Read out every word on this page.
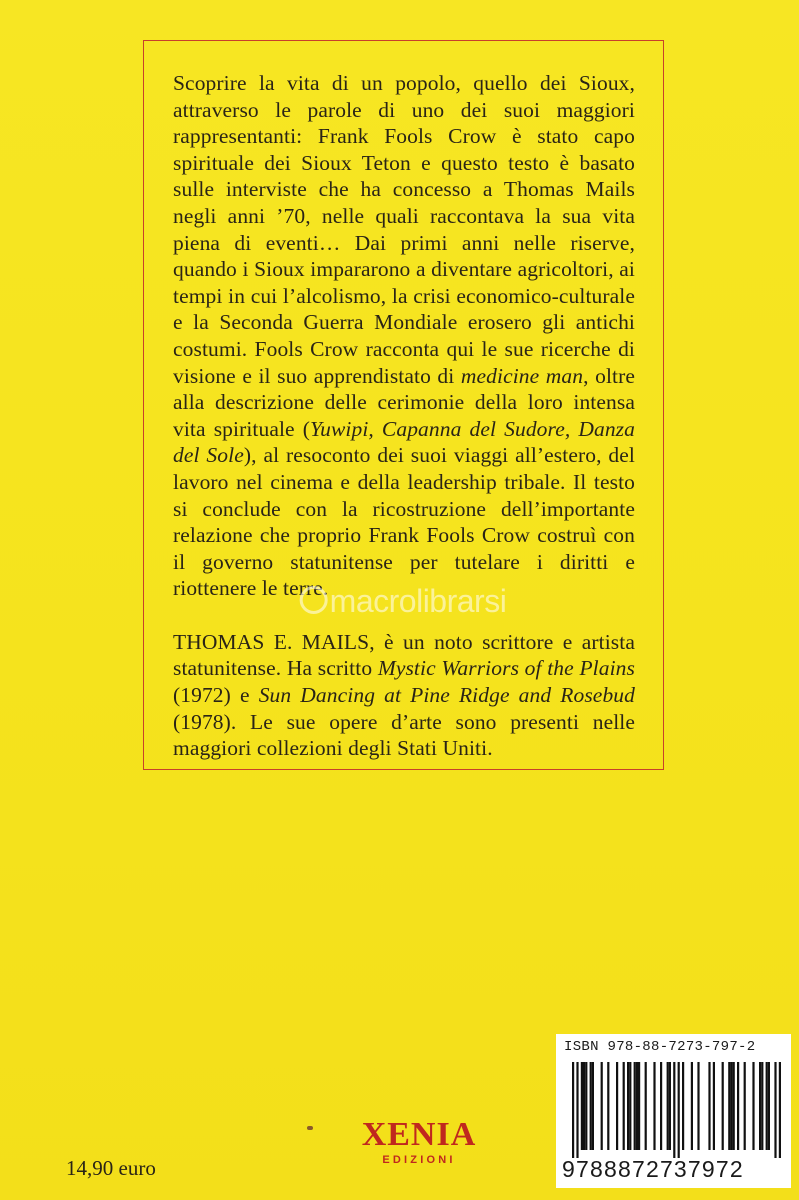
Scoprire la vita di un popolo, quello dei Sioux, attraverso le parole di uno dei suoi maggiori rappresentanti: Frank Fools Crow è stato capo spirituale dei Sioux Teton e questo testo è basato sulle interviste che ha concesso a Thomas Mails negli anni ’70, nelle quali raccontava la sua vita piena di eventi… Dai primi anni nelle riserve, quando i Sioux impararono a diventare agricoltori, ai tempi in cui l’alcolismo, la crisi economico-culturale e la Seconda Guerra Mondiale erosero gli antichi costumi. Fools Crow racconta qui le sue ricerche di visione e il suo apprendistato di medicine man, oltre alla descrizione delle cerimonie della loro intensa vita spirituale (Yuwipi, Capanna del Sudore, Danza del Sole), al resoconto dei suoi viaggi all’estero, del lavoro nel cinema e della leadership tribale. Il testo si conclude con la ricostruzione dell’importante relazione che proprio Frank Fools Crow costruì con il governo statunitense per tutelare i diritti e riottenere le terre.

THOMAS E. MAILS, è un noto scrittore e artista statunitense. Ha scritto Mystic Warriors of the Plains (1972) e Sun Dancing at Pine Ridge and Rosebud (1978). Le sue opere d’arte sono presenti nelle maggiori collezioni degli Stati Uniti.

macrolibrarsi
XENIA
EDIZIONI
14,90 euro
ISBN 978-88-7273-797-2
9788872737972
